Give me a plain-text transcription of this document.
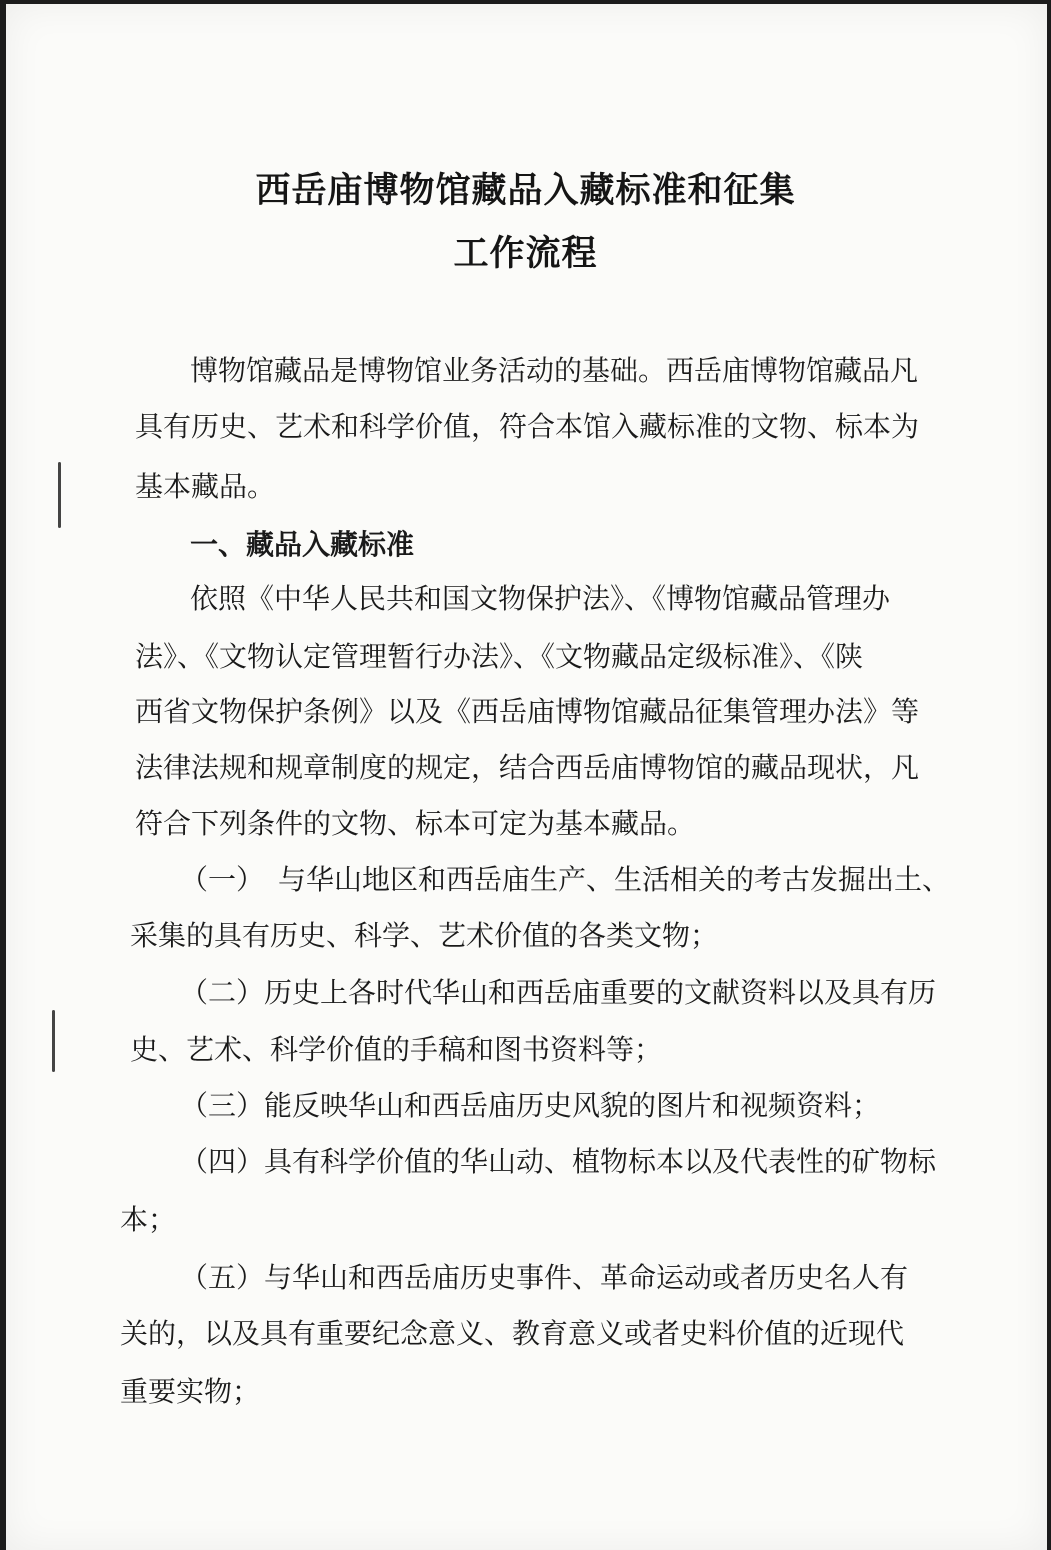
西岳庙博物馆藏品入藏标准和征集
工作流程
博物馆藏品是博物馆业务活动的基础。西岳庙博物馆藏品凡
具有历史、艺术和科学价值，符合本馆入藏标准的文物、标本为
基本藏品。
一、藏品入藏标准
依照《中华人民共和国文物保护法》、《博物馆藏品管理办
法》、《文物认定管理暂行办法》、《文物藏品定级标准》、《陕
西省文物保护条例》以及《西岳庙博物馆藏品征集管理办法》等
法律法规和规章制度的规定，结合西岳庙博物馆的藏品现状，凡
符合下列条件的文物、标本可定为基本藏品。
（一）　与华山地区和西岳庙生产、生活相关的考古发掘出土、
采集的具有历史、科学、艺术价值的各类文物；
（二）历史上各时代华山和西岳庙重要的文献资料以及具有历
史、艺术、科学价值的手稿和图书资料等；
（三）能反映华山和西岳庙历史风貌的图片和视频资料；
（四）具有科学价值的华山动、植物标本以及代表性的矿物标
本；
（五）与华山和西岳庙历史事件、革命运动或者历史名人有
关的，以及具有重要纪念意义、教育意义或者史料价值的近现代
重要实物；
